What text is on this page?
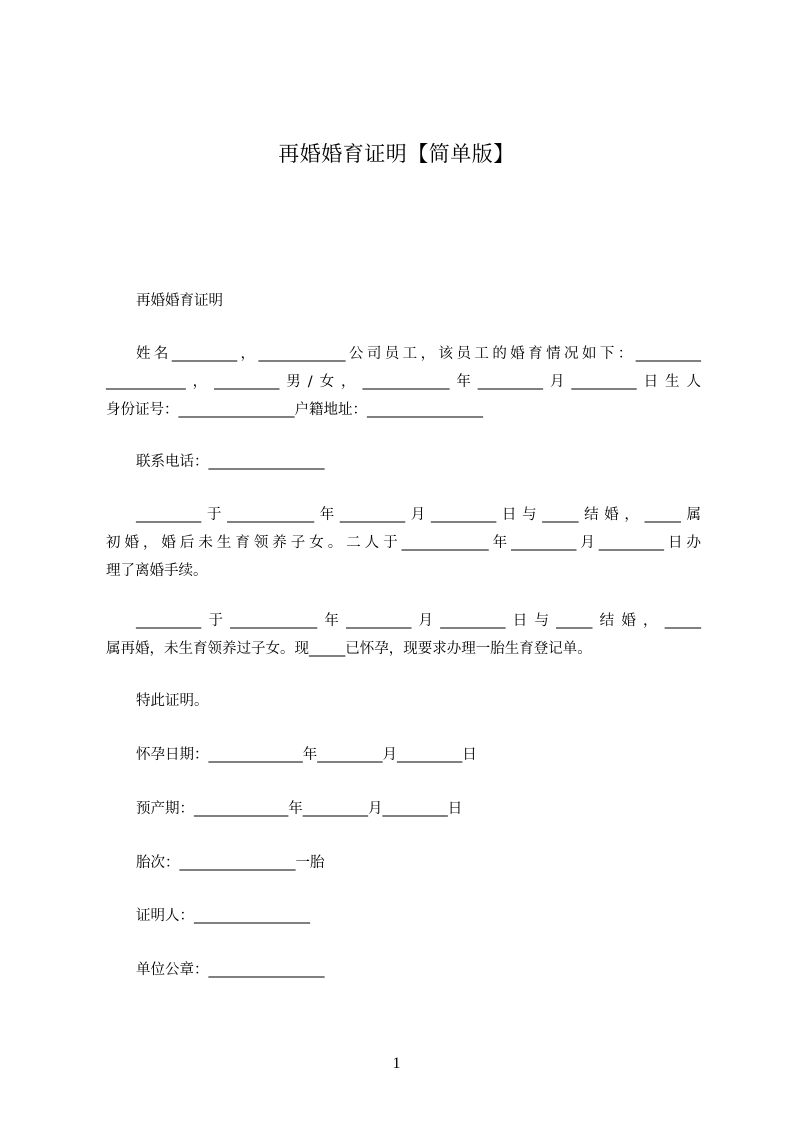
再婚婚育证明【简单版】
再婚婚育证明
姓名_________，____________公司员工，该员工的婚育情况如下：_________
___________，_________男/女，____________年_________月_________日生人
身份证号：________________户籍地址：________________
联系电话：________________
_________于____________年_________月_________日与_____结婚，_____属
初婚，婚后未生育领养子女。二人于____________年_________月_________日办
理了离婚手续。
_________于____________年_________月_________日与_____结婚，_____
属再婚，未生育领养过子女。现_____已怀孕，现要求办理一胎生育登记单。
特此证明。
怀孕日期：_____________年_________月_________日
预产期：_____________年_________月_________日
胎次：________________一胎
证明人：________________
单位公章：________________
1
